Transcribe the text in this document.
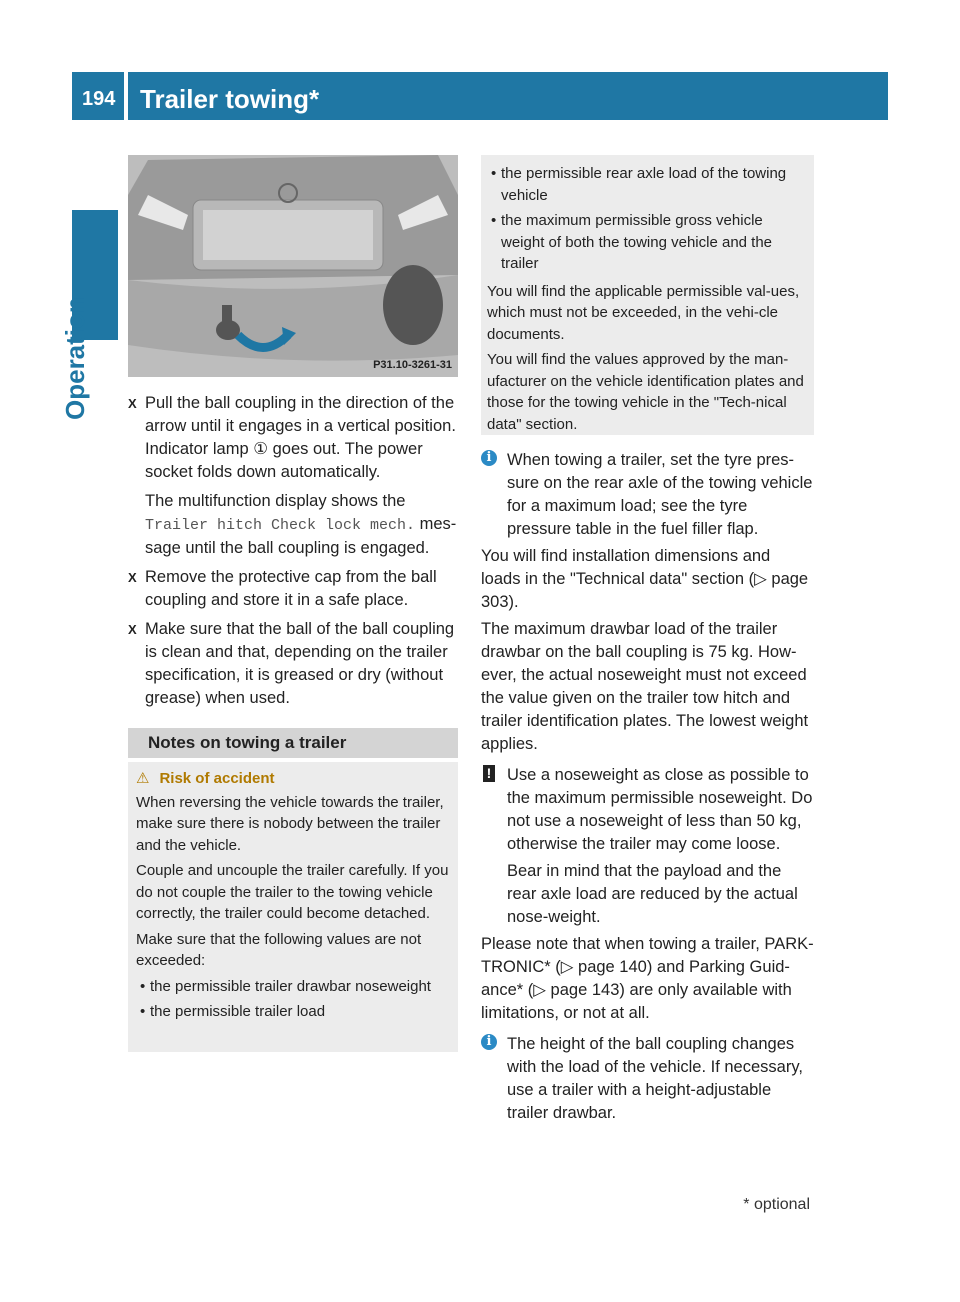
194 Trailer towing*
Operation	P31.10-3261-31
X Pull the ball coupling in the direction of the arrow until it engages in a vertical position. Indicator lamp ① goes out. The power socket folds down automatically.

The multifunction display shows the
Trailer hitch Check lock mech. mes-sage until the ball coupling is engaged.

X Remove the protective cap from the ball coupling and store it in a safe place.
X Make sure that the ball of the ball coupling is clean and that, depending on the trailer specification, it is greased or dry (without grease) when used.
Notes on towing a trailer

⚠ Risk of accident

When reversing the vehicle towards the trailer, make sure there is nobody between the trailer and the vehicle.

Couple and uncouple the trailer carefully. If you do not couple the trailer to the towing vehicle correctly, the trailer could become detached.

Make sure that the following values are not exceeded:

• the permissible trailer drawbar noseweight
• the permissible trailer load
• the permissible rear axle load of the towing vehicle
• the maximum permissible gross vehicle weight of both the towing vehicle and the trailer

You will find the applicable permissible val-ues, which must not be exceeded, in the vehi-cle documents.

You will find the values approved by the man-ufacturer on the vehicle identification plates and those for the towing vehicle in the "Tech-nical data" section.

i When towing a trailer, set the tyre pres-sure on the rear axle of the towing vehicle for a maximum load; see the tyre pressure table in the fuel filler flap.

You will find installation dimensions and loads in the "Technical data" section (▷ page 303).

The maximum drawbar load of the trailer drawbar on the ball coupling is 75 kg. How-ever, the actual noseweight must not exceed the value given on the trailer tow hitch and trailer identification plates. The lowest weight applies.

! Use a noseweight as close as possible to the maximum permissible noseweight. Do not use a noseweight of less than 50 kg, otherwise the trailer may come loose.

Bear in mind that the payload and the rear axle load are reduced by the actual nose-weight.

Please note that when towing a trailer, PARK-TRONIC* (▷ page 140) and Parking Guid-ance* (▷ page 143) are only available with limitations, or not at all.

i The height of the ball coupling changes with the load of the vehicle. If necessary, use a trailer with a height-adjustable trailer drawbar.
* optional
